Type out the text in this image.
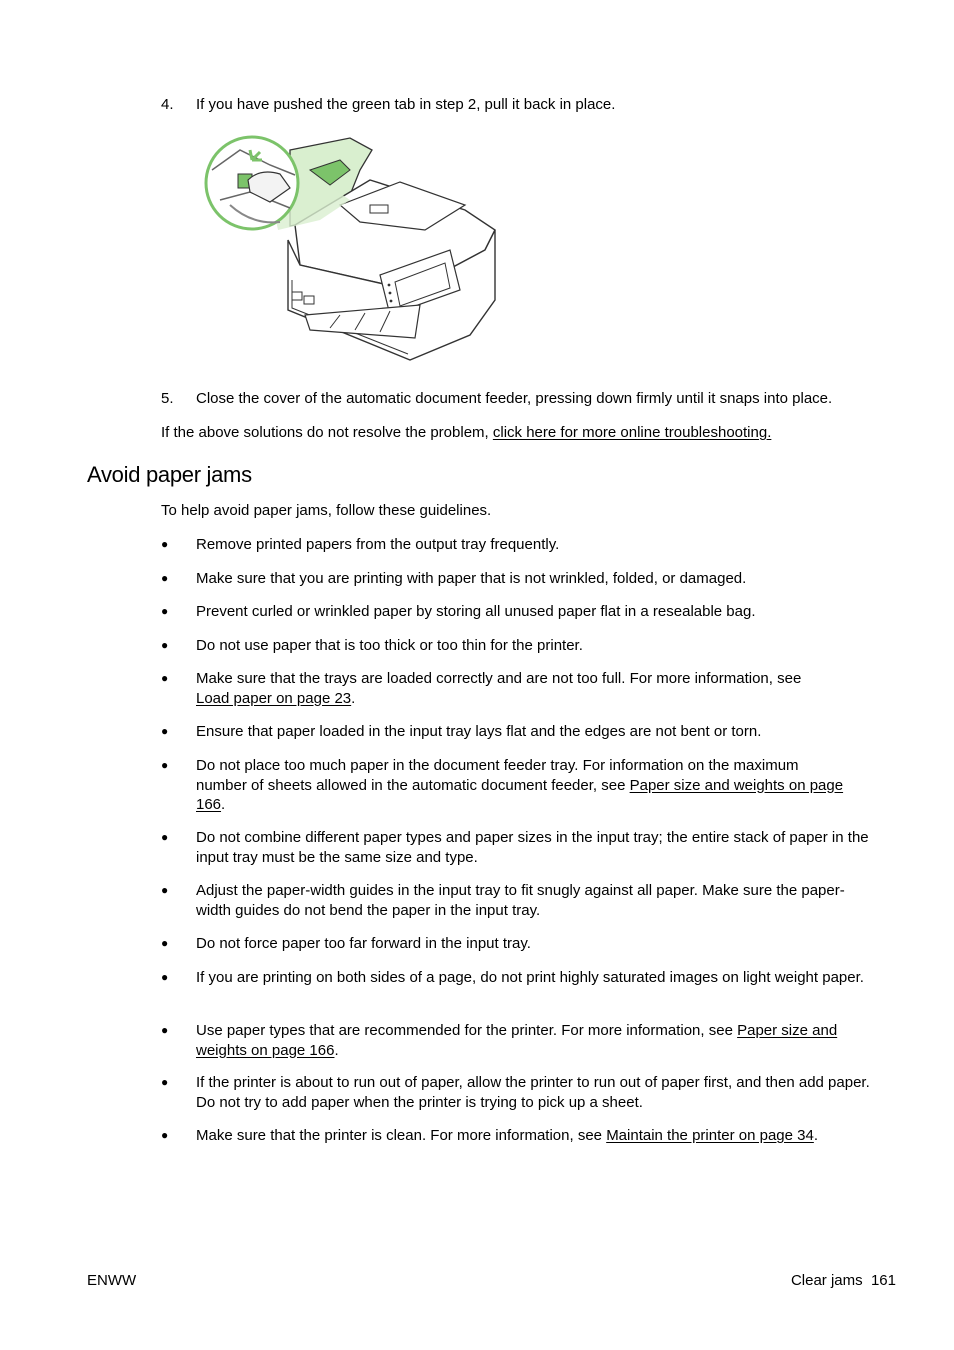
4. If you have pushed the green tab in step 2, pull it back in place.
5. Close the cover of the automatic document feeder, pressing down firmly until it snaps into place.
If the above solutions do not resolve the problem, click here for more online troubleshooting.
Avoid paper jams
To help avoid paper jams, follow these guidelines.
●	Remove printed papers from the output tray frequently.
●	Make sure that you are printing with paper that is not wrinkled, folded, or damaged.
●	Prevent curled or wrinkled paper by storing all unused paper flat in a resealable bag.
●	Do not use paper that is too thick or too thin for the printer.
●	Make sure that the trays are loaded correctly and are not too full. For more information, see
Load paper on page 23.
●	Ensure that paper loaded in the input tray lays flat and the edges are not bent or torn.
●	Do not place too much paper in the document feeder tray. For information on the maximum number of sheets allowed in the automatic document feeder, see Paper size and weights on page 166.
●	Do not combine different paper types and paper sizes in the input tray; the entire stack of paper in the input tray must be the same size and type.
●	Adjust the paper-width guides in the input tray to fit snugly against all paper. Make sure the paper-width guides do not bend the paper in the input tray.
●	Do not force paper too far forward in the input tray.
●	If you are printing on both sides of a page, do not print highly saturated images on light weight paper.
●	Use paper types that are recommended for the printer. For more information, see Paper size and weights on page 166.
●	If the printer is about to run out of paper, allow the printer to run out of paper first, and then add paper. Do not try to add paper when the printer is trying to pick up a sheet.
●	Make sure that the printer is clean. For more information, see Maintain the printer on page 34.
ENWW	Clear jams 161
